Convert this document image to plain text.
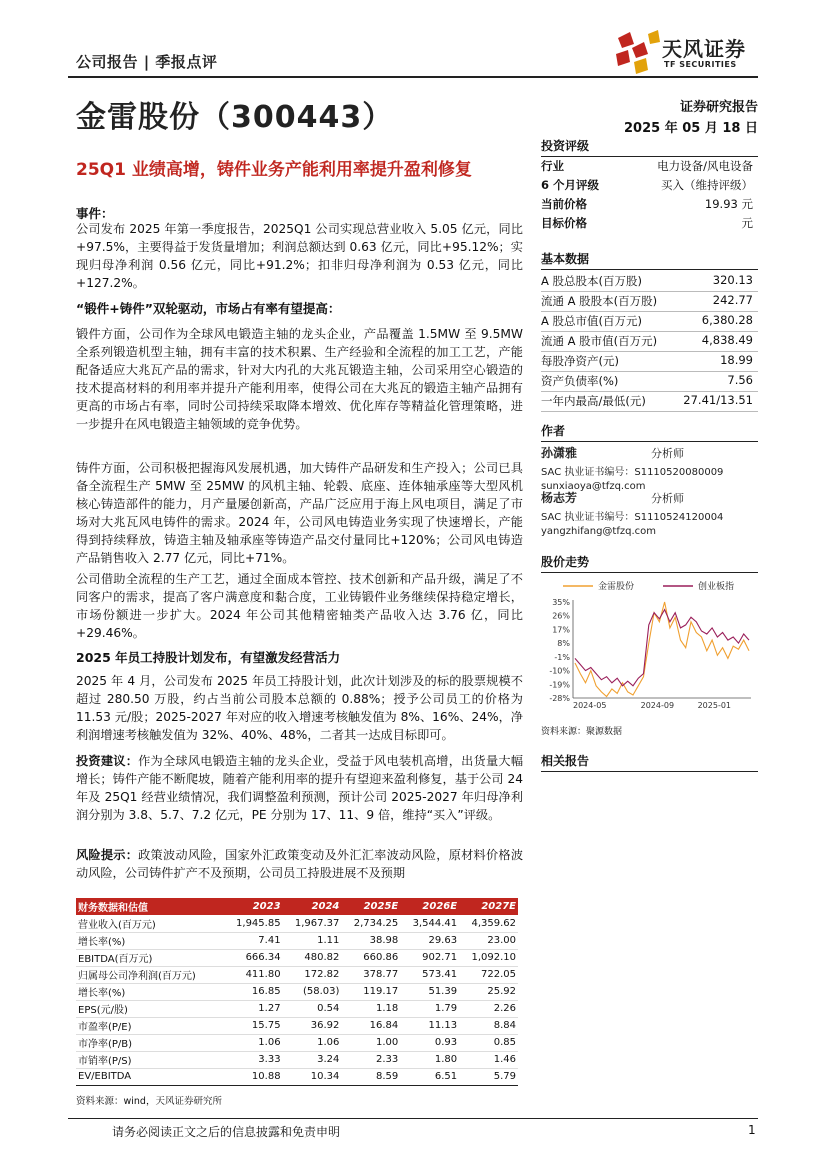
公司报告 | 季报点评
天风证券
TF SECURITIES
金雷股份（300443）	证券研究报告
2025 年 05 月 18 日
25Q1 业绩高增，铸件业务产能利用率提升盈利修复
事件：
公司发布 2025 年第一季度报告，2025Q1 公司实现总营业收入 5.05 亿元，同比+97.5%，主要得益于发货量增加；利润总额达到 0.63 亿元，同比+95.12%；实现归母净利润 0.56 亿元，同比+91.2%；扣非归母净利润为 0.53 亿元，同比+127.2%。
“锻件+铸件”双轮驱动，市场占有率有望提高：
锻件方面，公司作为全球风电锻造主轴的龙头企业，产品覆盖 1.5MW 至 9.5MW 全系列锻造机型主轴，拥有丰富的技术积累、生产经验和全流程的加工工艺，产能配备适应大兆瓦产品的需求，针对大内孔的大兆瓦锻造主轴，公司采用空心锻造的技术提高材料的利用率并提升产能利用率，使得公司在大兆瓦的锻造主轴产品拥有更高的市场占有率，同时公司持续采取降本增效、优化库存等精益化管理策略，进一步提升在风电锻造主轴领域的竞争优势。
铸件方面，公司积极把握海风发展机遇，加大铸件产品研发和生产投入；公司已具备全流程生产 5MW 至 25MW 的风机主轴、轮毂、底座、连体轴承座等大型风机核心铸造部件的能力，月产量屡创新高，产品广泛应用于海上风电项目，满足了市场对大兆瓦风电铸件的需求。2024 年，公司风电铸造业务实现了快速增长，产能得到持续释放，铸造主轴及轴承座等铸造产品交付量同比+120%；公司风电铸造产品销售收入 2.77 亿元，同比+71%。
公司借助全流程的生产工艺，通过全面成本管控、技术创新和产品升级，满足了不同客户的需求，提高了客户满意度和黏合度，工业铸锻件业务继续保持稳定增长，市场份额进一步扩大。2024 年公司其他精密轴类产品收入达 3.76 亿，同比+29.46%。
2025 年员工持股计划发布，有望激发经营活力
2025 年 4 月，公司发布 2025 年员工持股计划，此次计划涉及的标的股票规模不超过 280.50 万股，约占当前公司股本总额的 0.88%；授予公司员工的价格为 11.53 元/股；2025-2027 年对应的收入增速考核触发值为 8%、16%、24%，净利润增速考核触发值为 32%、40%、48%，二者其一达成目标即可。
投资建议：作为全球风电锻造主轴的龙头企业，受益于风电装机高增，出货量大幅增长；铸件产能不断爬坡，随着产能利用率的提升有望迎来盈利修复，基于公司 24 年及 25Q1 经营业绩情况，我们调整盈利预测，预计公司 2025-2027 年归母净利润分别为 3.8、5.7、7.2 亿元，PE 分别为 17、11、9 倍，维持“买入”评级。
风险提示：政策波动风险，国家外汇政策变动及外汇汇率波动风险，原材料价格波动风险，公司铸件扩产不及预期，公司员工持股进展不及预期
财务数据和估值	2023	2024	2025E	2026E	2027E
营业收入(百万元)	1,945.85	1,967.37	2,734.25	3,544.41	4,359.62
增长率(%)	7.41	1.11	38.98	29.63	23.00
EBITDA(百万元)	666.34	480.82	660.86	902.71	1,092.10
归属母公司净利润(百万元)	411.80	172.82	378.77	573.41	722.05
增长率(%)	16.85	(58.03)	119.17	51.39	25.92
EPS(元/股)	1.27	0.54	1.18	1.79	2.26
市盈率(P/E)	15.75	36.92	16.84	11.13	8.84
市净率(P/B)	1.06	1.06	1.00	0.93	0.85
市销率(P/S)	3.33	3.24	2.33	1.80	1.46
EV/EBITDA	10.88	10.34	8.59	6.51	5.79
资料来源：wind，天风证券研究所
投资评级
行业	电力设备/风电设备
6 个月评级	买入（维持评级）
当前价格	19.93 元
目标价格	元
基本数据
A 股总股本(百万股)	320.13
流通 A 股股本(百万股)	242.77
A 股总市值(百万元)	6,380.28
流通 A 股市值(百万元)	4,838.49
每股净资产(元)	18.99
资产负债率(%)	7.56
一年内最高/最低(元)	27.41/13.51
作者
孙潇雅	分析师
SAC 执业证书编号：S1110520080009
sunxiaoya@tfzq.com
杨志芳	分析师
SAC 执业证书编号：S1110524120004
yangzhifang@tfzq.com
股价走势
金雷股份	创业板指
35%
26%
17%
8%
-1%
-10%
-19%
-28%
2024-05	2024-09	2025-01
资料来源：聚源数据
相关报告
请务必阅读正文之后的信息披露和免责申明	1
